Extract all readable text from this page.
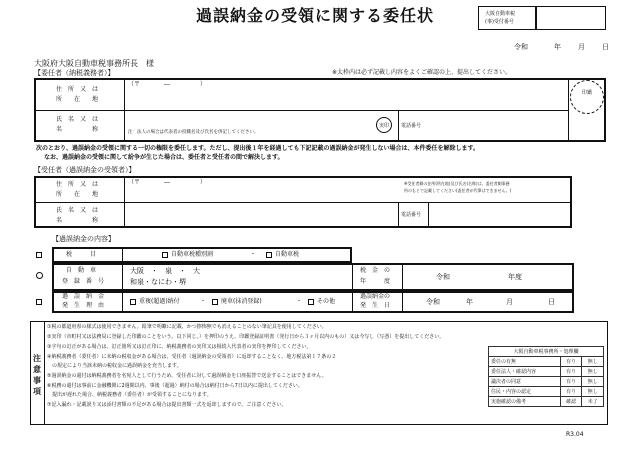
過誤納金の受領に関する委任状	大阪自動車税
(事)受付番号
令和	年 月 日
大阪府大阪自動車税事務所長　様
【委任者（納税義務者）】	※太枠内は必ず記載し内容をよくご確認の上、提出してください。
住　所　又　は
所　　在　　地
（〒　　　　―　　　　　）
氏　名　又　は
名　　　　　称	注：法人の場合は代表者の役職名及び氏名を併記してください。
実印 電話番号
印鑑
次のとおり、過誤納金の受領に関する一切の権限を委任します。ただし、提出後１年を経過しても下記記載の過誤納金が発生しない場合は、本件委任を解除します。
なお、過誤納金の受領に関して紛争が生じた場合は、委任者と受任者の間で解決します。
【受任者（過誤納金の受領者）】
住　所　又　は
所　　在　　地
（〒　　　　―　　　　　）	※受任者側の住所(所在地)及び氏名(名称)は、委任者側事務
所のもとで記載してください(委任者が代筆はできません。)
氏　名　又　は
名　　　　　称
電話番号
【過誤納金の内容】
税　　　目	自動車税種別割	・	自動車税
自　動　車
登　録　番　号
大阪　・　泉　・　大
和泉・なにわ・堺
税　金　の
年　　　度
令和	年度
過　誤　納　金
発　生　理　由
重複(超過)納付	・ 廃車(抹消登録)	・ その他
過誤納金の
発　生　日	令和	年	月	日
注
意
事
項
①税の都道府県の様式は使用できません。鉛筆で明瞭に記載、かつ擦怖無でも消えることのない筆記具を使用してください。
②実印（市町村又は法務局に登録した印鑑のことをいう。以下同じ。）を押印のうえ、印鑑登録証明書（発行日から３ヶ月以内のもの）又は今写し（写憑）を提出してください。
③字句の訂正がある場合は、訂正箇所又は訂正印に、納税義務者の実印又は相続人代表者の実印を押印してください。
④納税義務者（委任者）に未納の税収金がある場合は、受任者（過誤納金の受領者）に返却することなく、地方税法第１７条の２
　の規定により当該未納の税収金に過誤納金を充当します。
⑤過誤納金の還付は納税義務者を名宛人として行うため、受任者に対して過誤納金を口座振替で送金することはできません。
⑥税務の還付は事前に金融機関に2週間以内、事後（超過）納付の場合は納付日から7日以内に提出してください。
　提出が遅れた場合、納税義務者（委任者）が受領することになります。
⑦記入漏れ・記載誤り又は添付書類の不足がある場合は提出書類一式を返却しますので、ご注意ください。
大阪自動車税事務所・処理欄		
委任の有無	有り	無し
委任法人・確認内容	有り	無し
議決者の同意	有り	無し
住民・内容の認定	有り	無し
実施確認の備考	確認	未了
R3.04
